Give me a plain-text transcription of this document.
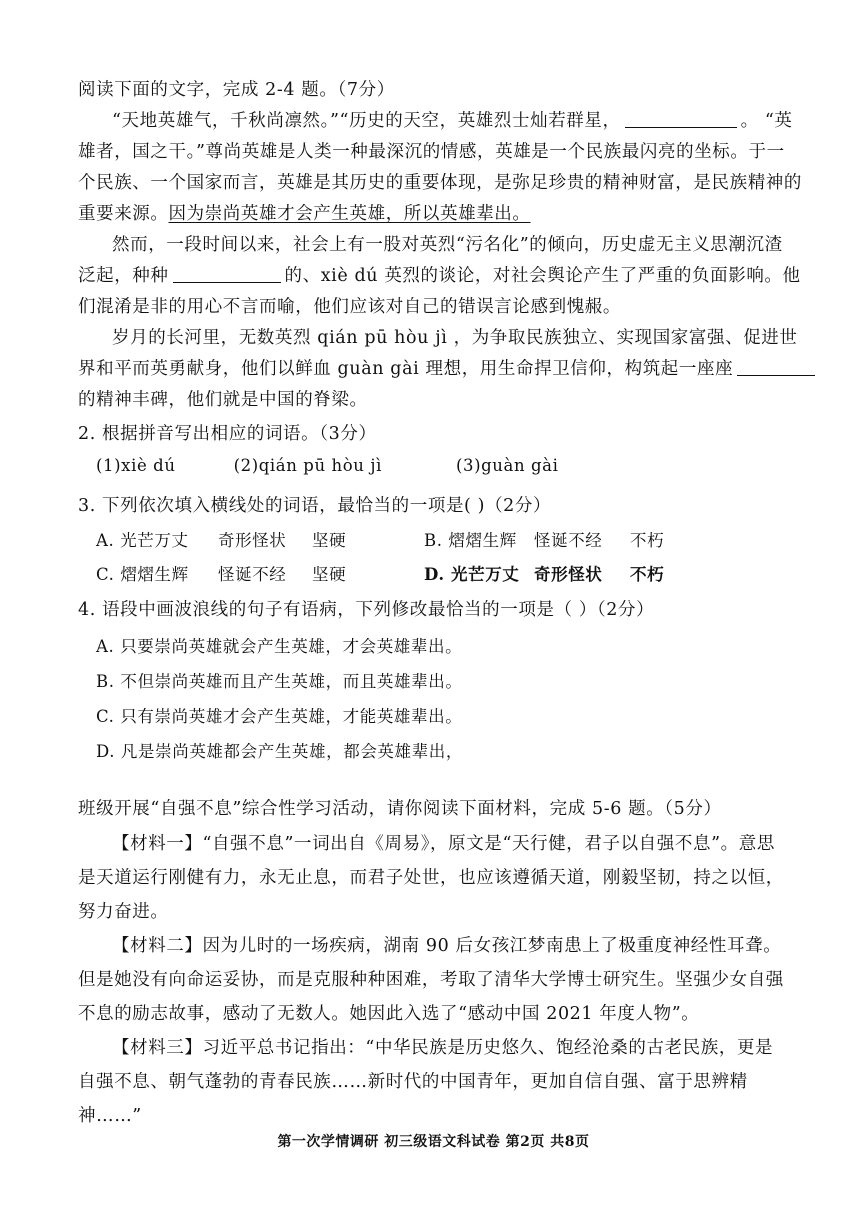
阅读下面的文字，完成 2-4 题。（7分）
“天地英雄气，千秋尚凛然。”“历史的天空，英雄烈士灿若群星，	。 “英
雄者，国之干。”尊尚英雄是人类一种最深沉的情感，英雄是一个民族最闪亮的坐标。于一
个民族、一个国家而言，英雄是其历史的重要体现，是弥足珍贵的精神财富，是民族精神的
重要来源。因为崇尚英雄才会产生英雄，所以英雄辈出。
然而，一段时间以来，社会上有一股对英烈“污名化”的倾向，历史虚无主义思潮沉渣
泛起，种种	的、xiè dú 英烈的谈论，对社会舆论产生了严重的负面影响。他
们混淆是非的用心不言而喻，他们应该对自己的错误言论感到愧赧。
岁月的长河里，无数英烈 qián pū hòu jì ，为争取民族独立、实现国家富强、促进世
界和平而英勇献身，他们以鲜血 guàn gài 理想，用生命捍卫信仰，构筑起一座座
的精神丰碑，他们就是中国的脊梁。
2. 根据拼音写出相应的词语。（3分）
(1)xiè dú	(2)qián pū hòu jì	(3)guàn gài
3. 下列依次填入横线处的词语，最恰当的一项是( )（2分）
A. 光芒万丈 奇形怪状 坚硬	B. 熠熠生辉 怪诞不经 不朽
C. 熠熠生辉 怪诞不经 坚硬	D. 光芒万丈 奇形怪状 不朽
4. 语段中画波浪线的句子有语病，下列修改最恰当的一项是（ ）（2分）
A. 只要崇尚英雄就会产生英雄，才会英雄辈出。
B. 不但崇尚英雄而且产生英雄，而且英雄辈出。
C. 只有崇尚英雄才会产生英雄，才能英雄辈出。
D. 凡是崇尚英雄都会产生英雄，都会英雄辈出，
班级开展“自强不息”综合性学习活动，请你阅读下面材料，完成 5-6 题。（5分）
【材料一】“自强不息”一词出自《周易》，原文是“天行健，君子以自强不息”。意思
是天道运行刚健有力，永无止息，而君子处世，也应该遵循天道，刚毅坚韧，持之以恒，
努力奋进。
【材料二】因为儿时的一场疾病，湖南 90 后女孩江梦南患上了极重度神经性耳聋。
但是她没有向命运妥协，而是克服种种困难，考取了清华大学博士研究生。坚强少女自强
不息的励志故事，感动了无数人。她因此入选了“感动中国 2021 年度人物”。
【材料三】习近平总书记指出：“中华民族是历史悠久、饱经沧桑的古老民族，更是
自强不息、朝气蓬勃的青春民族……新时代的中国青年，更加自信自强、富于思辨精
神……”
第一次学情调研 初三级语文科试卷 第2页 共8页
